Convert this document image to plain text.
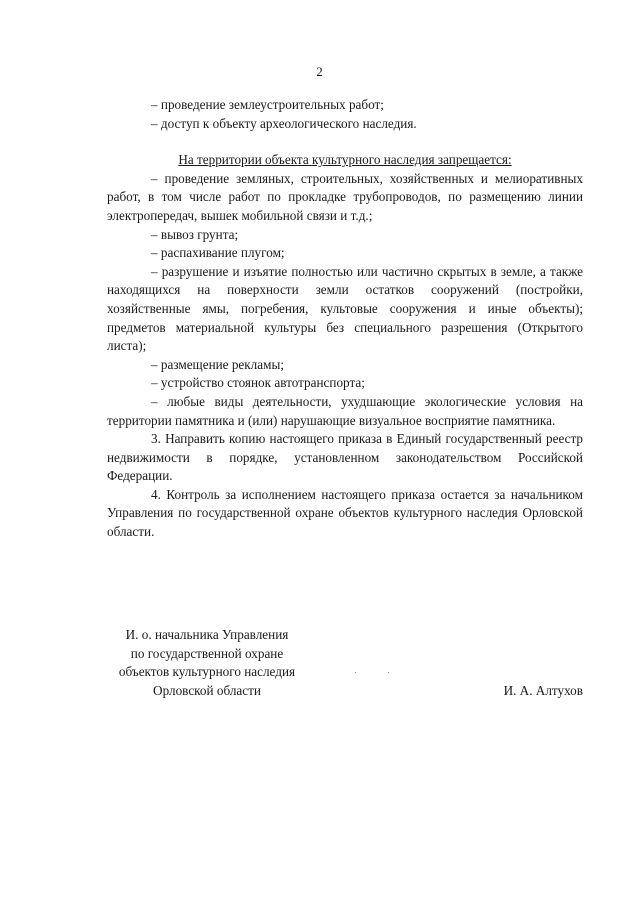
2

– проведение землеустроительных работ;

– доступ к объекту археологического наследия.

На территории объекта культурного наследия запрещается:

– проведение земляных, строительных, хозяйственных и мелиоративных работ, в том числе работ по прокладке трубопроводов, по размещению линии электропередач, вышек мобильной связи и т.д.;

– вывоз грунта;

– распахивание плугом;

– разрушение и изъятие полностью или частично скрытых в земле, а также находящихся на поверхности земли остатков сооружений (постройки, хозяйственные ямы, погребения, культовые сооружения и иные объекты); предметов материальной культуры без специального разрешения (Открытого листа);

– размещение рекламы;

– устройство стоянок автотранспорта;

– любые виды деятельности, ухудшающие экологические условия на территории памятника и (или) нарушающие визуальное восприятие памятника.

3. Направить копию настоящего приказа в Единый государственный реестр недвижимости в порядке, установленном законодательством Российской Федерации.

4. Контроль за исполнением настоящего приказа остается за начальником Управления по государственной охране объектов культурного наследия Орловской области.

И. о. начальника Управления
по государственной охране
объектов культурного наследия
Орловской области	И. А. Алтухов
